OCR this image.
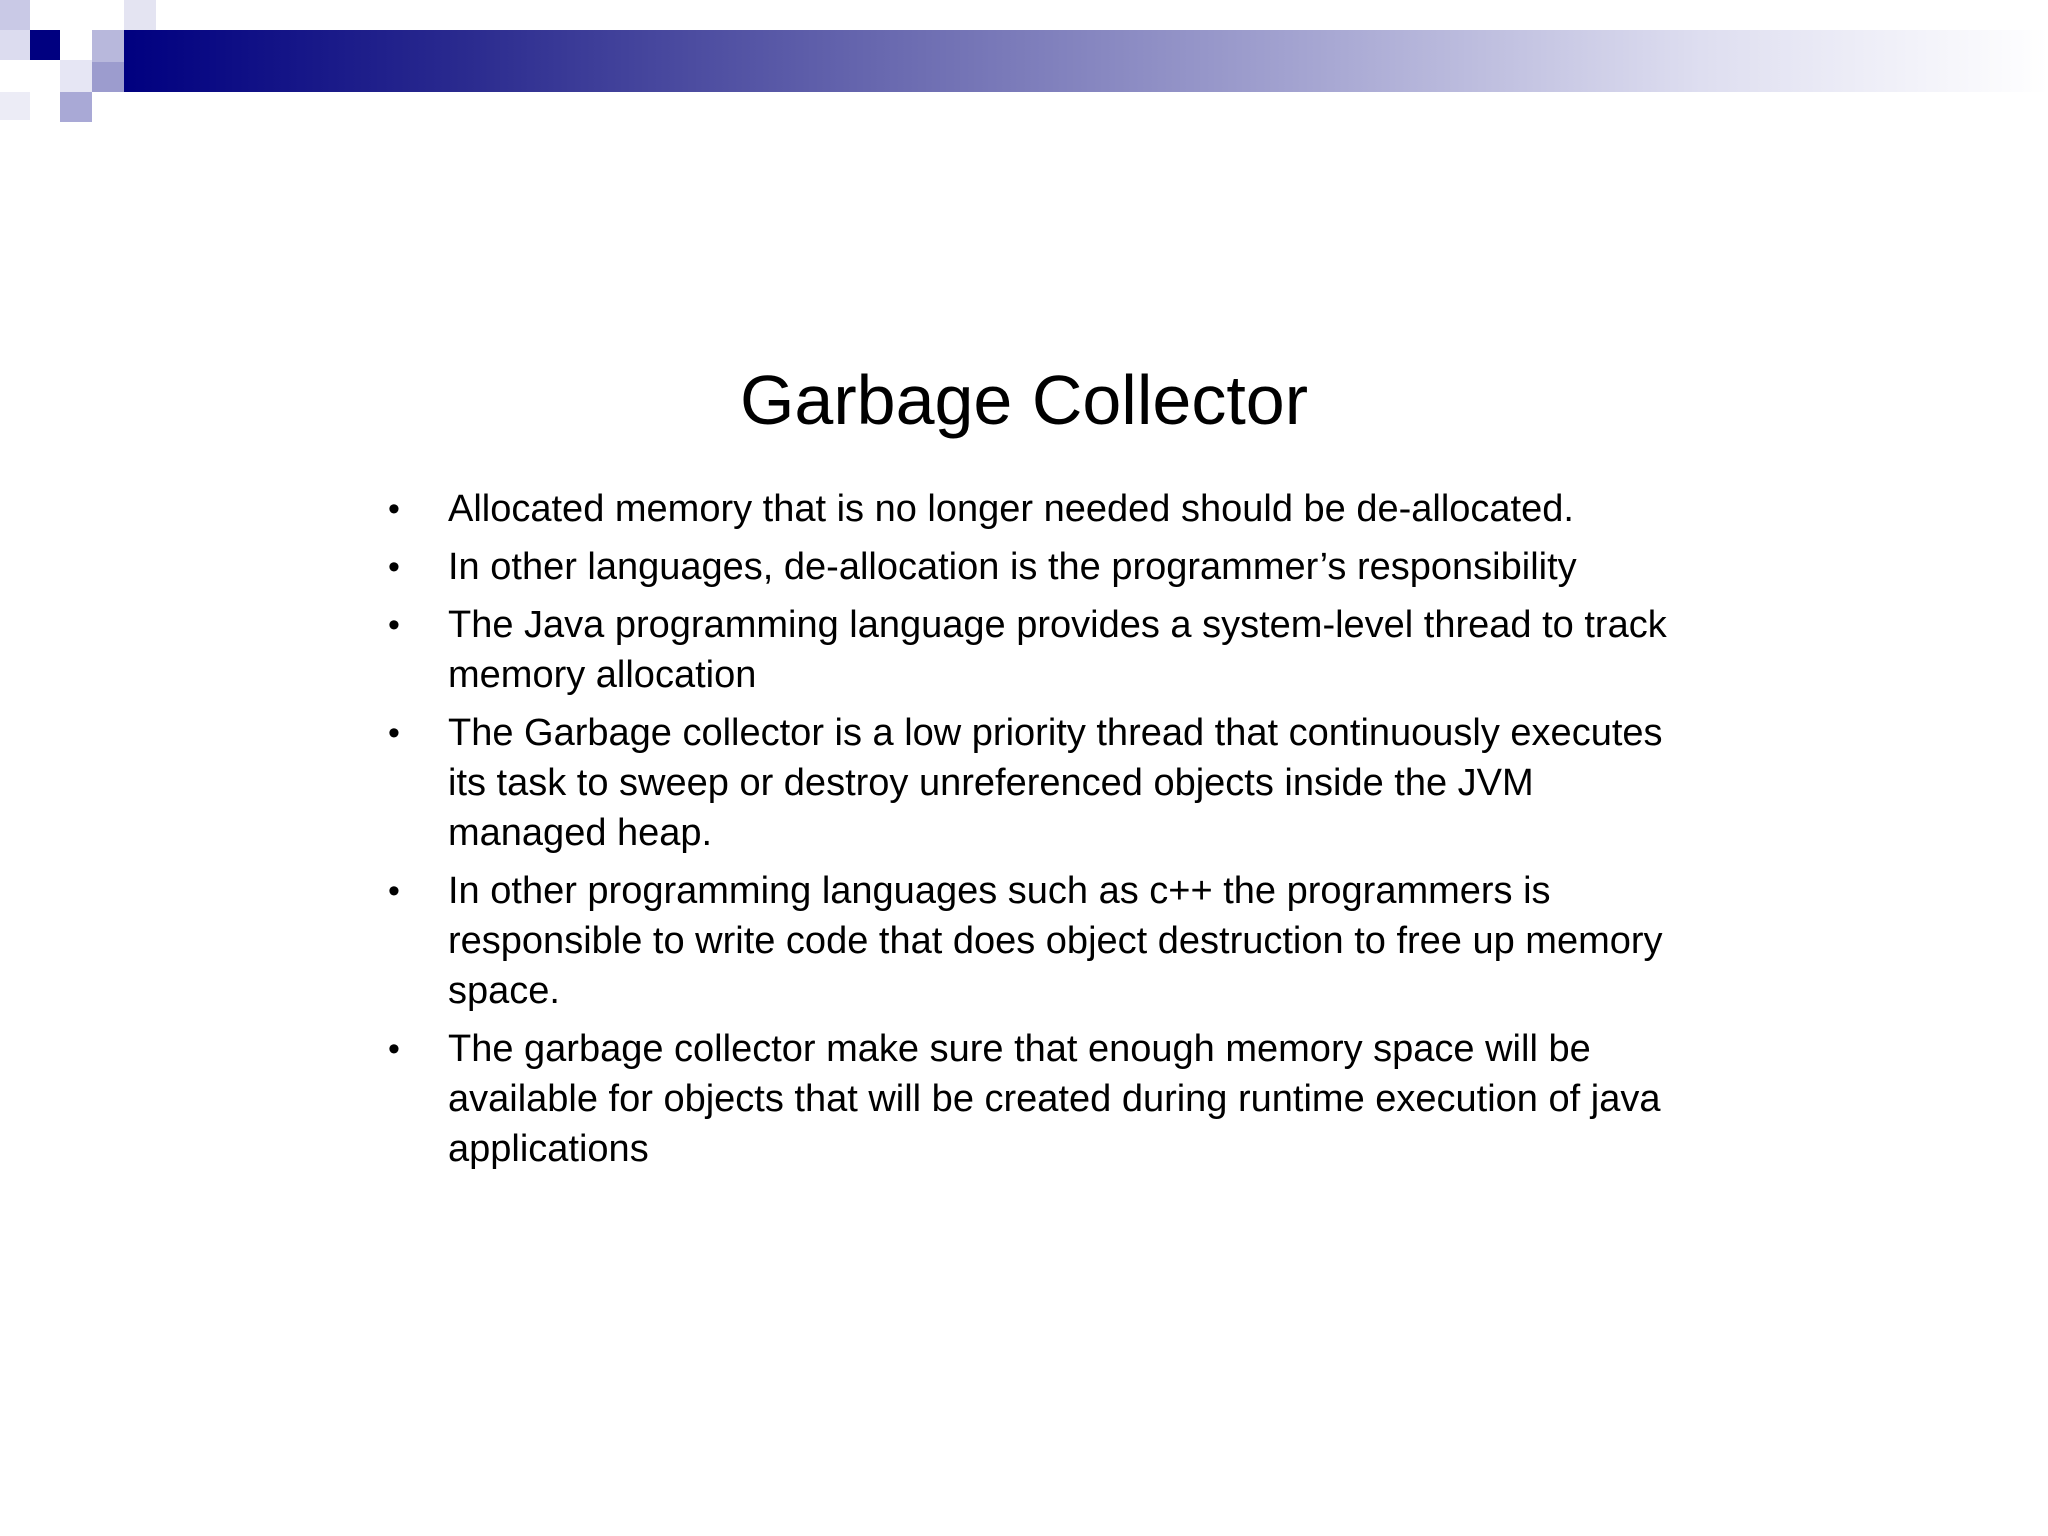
Garbage Collector
• Allocated memory that is no longer needed should be de-allocated.
• In other languages, de-allocation is the programmer’s responsibility
• The Java programming language provides a system-level thread to track memory allocation
• The Garbage collector is a low priority thread that continuously executes its task to sweep or destroy unreferenced objects inside the JVM managed heap.
• In other programming languages such as c++ the programmers is responsible to write code that does object destruction to free up memory space.
• The garbage collector make sure that enough memory space will be available for objects that will be created during runtime execution of java applications
